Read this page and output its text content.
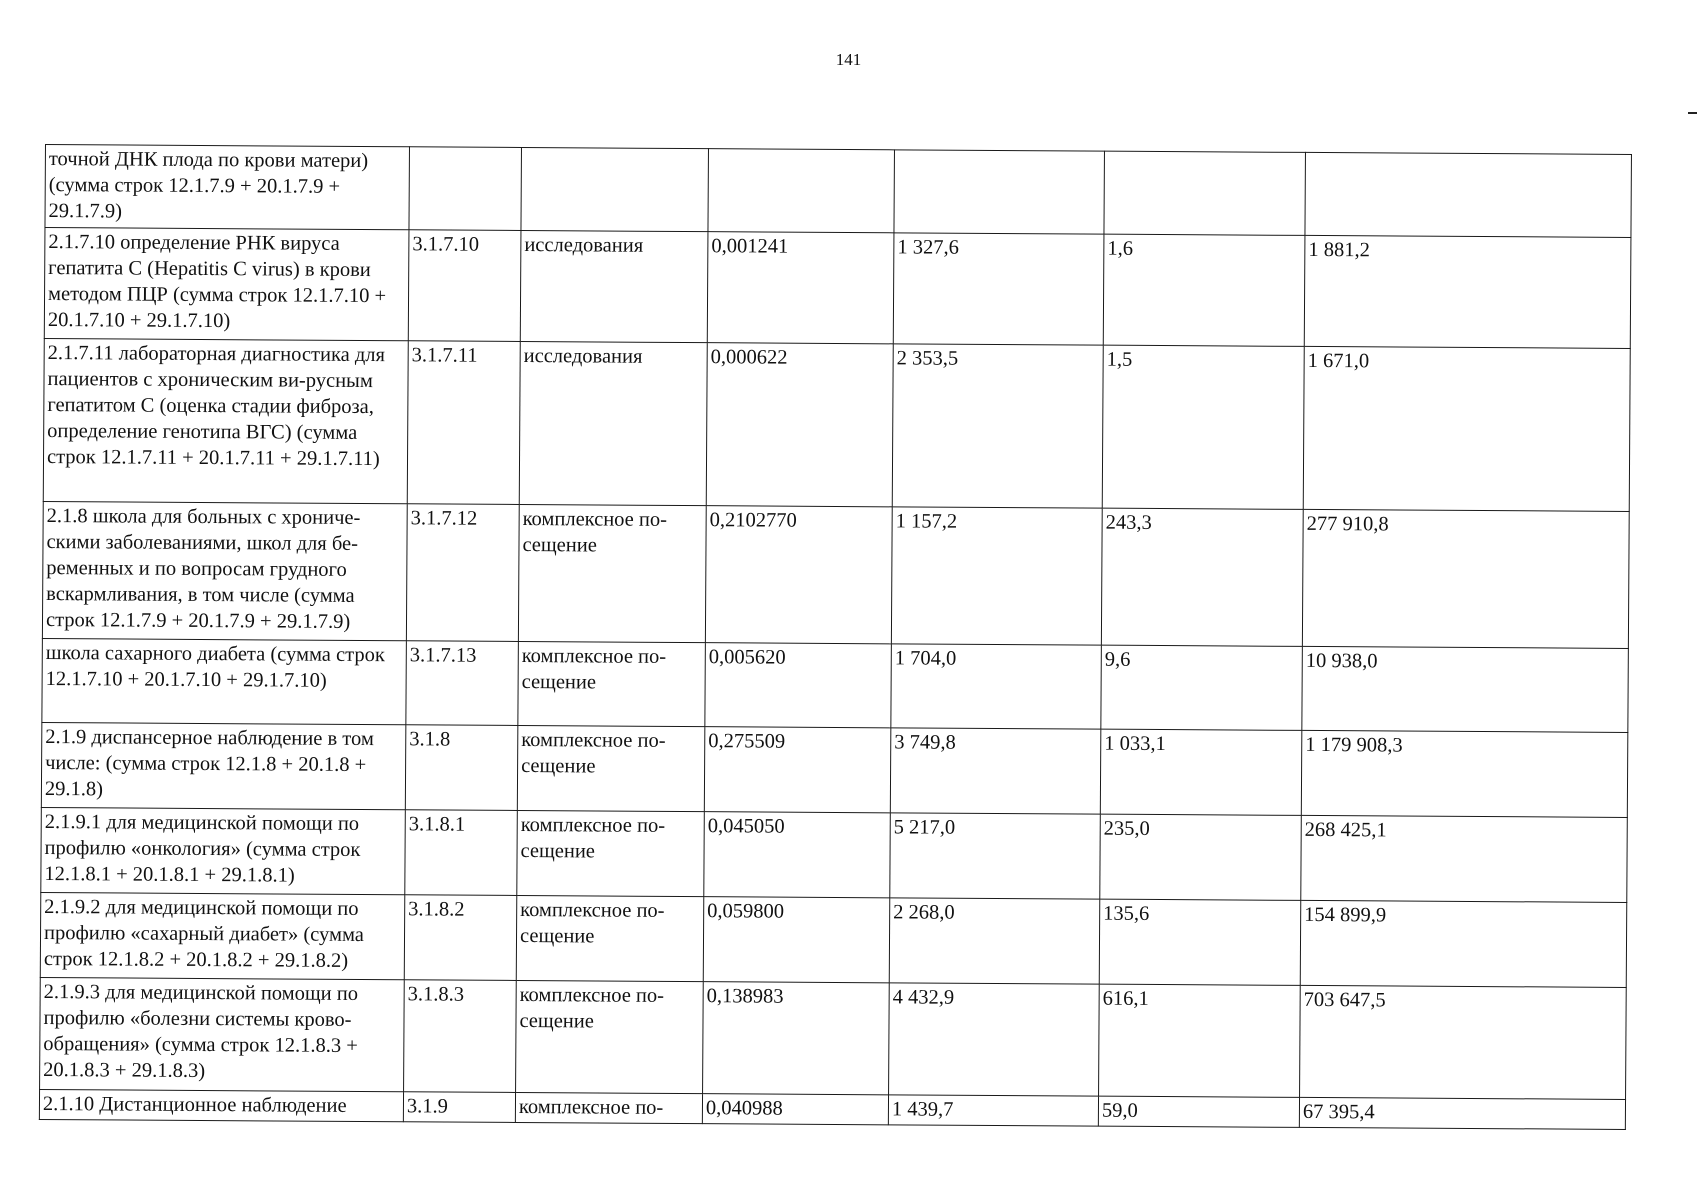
141
точной ДНК плода по крови матери) (сумма строк 12.1.7.9 + 20.1.7.9 + 29.1.7.9)						
2.1.7.10 определение РНК вируса гепатита С (Hepatitis C virus) в крови методом ПЦР (сумма строк 12.1.7.10 + 20.1.7.10 + 29.1.7.10)	3.1.7.10	исследования	0,001241	1 327,6	1,6	1 881,2
2.1.7.11 лабораторная диагностика для пациентов с хроническим ви-русным гепатитом С (оценка стадии фиброза, определение генотипа ВГС) (сумма строк 12.1.7.11 + 20.1.7.11 + 29.1.7.11)	3.1.7.11	исследования	0,000622	2 353,5	1,5	1 671,0
2.1.8 школа для больных с хрониче-скими заболеваниями, школ для бе-ременных и по вопросам грудного вскармливания, в том числе (сумма строк 12.1.7.9 + 20.1.7.9 + 29.1.7.9)	3.1.7.12	комплексное по-сещение	0,2102770	1 157,2	243,3	277 910,8
школа сахарного диабета (сумма строк 12.1.7.10 + 20.1.7.10 + 29.1.7.10)	3.1.7.13	комплексное по-сещение	0,005620	1 704,0	9,6	10 938,0
2.1.9 диспансерное наблюдение в том числе: (сумма строк 12.1.8 + 20.1.8 + 29.1.8)	3.1.8	комплексное по-сещение	0,275509	3 749,8	1 033,1	1 179 908,3
2.1.9.1 для медицинской помощи по профилю «онкология» (сумма строк 12.1.8.1 + 20.1.8.1 + 29.1.8.1)	3.1.8.1	комплексное по-сещение	0,045050	5 217,0	235,0	268 425,1
2.1.9.2 для медицинской помощи по профилю «сахарный диабет» (сумма строк 12.1.8.2 + 20.1.8.2 + 29.1.8.2)	3.1.8.2	комплексное по-сещение	0,059800	2 268,0	135,6	154 899,9
2.1.9.3 для медицинской помощи по профилю «болезни системы крово-обращения» (сумма строк 12.1.8.3 + 20.1.8.3 + 29.1.8.3)	3.1.8.3	комплексное по-сещение	0,138983	4 432,9	616,1	703 647,5
2.1.10 Дистанционное наблюдение	3.1.9	комплексное по-	0,040988	1 439,7	59,0	67 395,4
